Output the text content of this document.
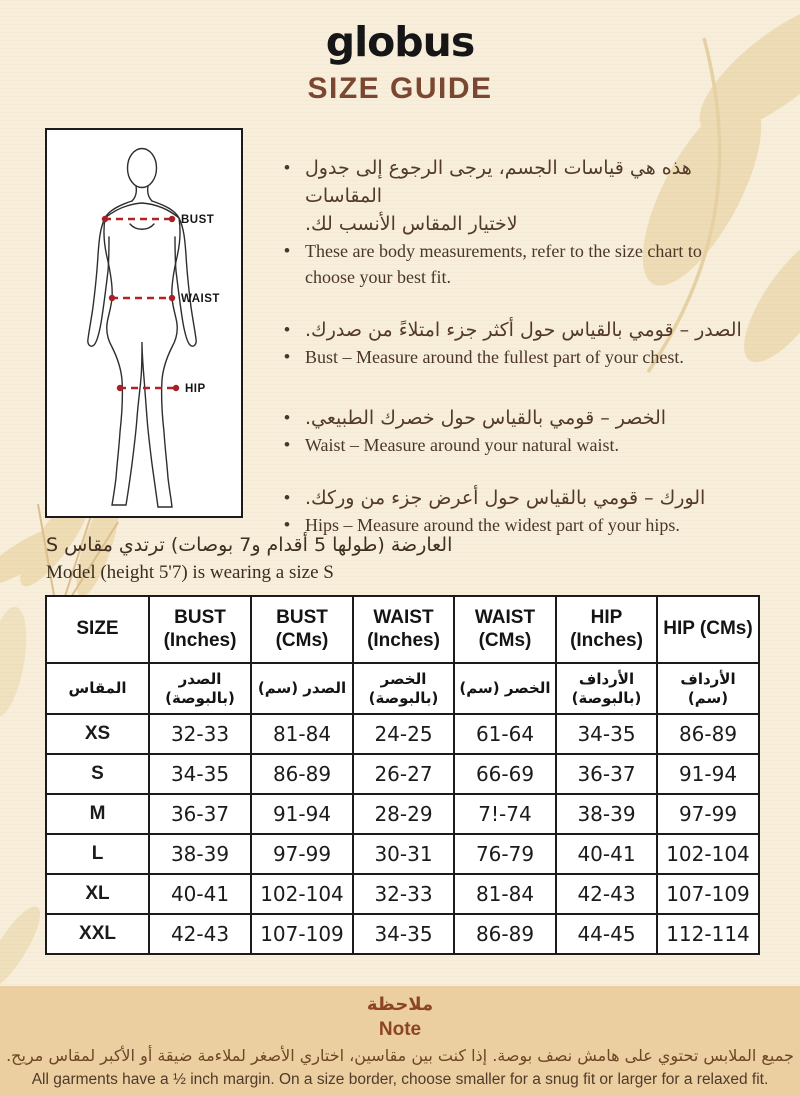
globus
SIZE GUIDE
BUST
WAIST
HIP
• هذه هي قياسات الجسم، يرجى الرجوع إلى جدول المقاسات
لاختيار المقاس الأنسب لك.
• These are body measurements, refer to the size chart to
choose your best fit.
• الصدر – قومي بالقياس حول أكثر جزء امتلاءً من صدرك.
• Bust – Measure around the fullest part of your chest.
• الخصر – قومي بالقياس حول خصرك الطبيعي.
• Waist – Measure around your natural waist.
• الورك – قومي بالقياس حول أعرض جزء من وركك.
• Hips – Measure around the widest part of your hips.
العارضة (طولها 5 أقدام و7 بوصات) ترتدي مقاس S
Model (height 5'7) is wearing a size S
SIZE	BUST (Inches)	BUST (CMs)	WAIST (Inches)	WAIST (CMs)	HIP (Inches)	HIP (CMs)
المقاس	الصدر (بالبوصة)	الصدر (سم)	الخصر (بالبوصة)	الخصر (سم)	الأرداف (بالبوصة)	الأرداف (سم)
XS	32-33	81-84	24-25	61-64	34-35	86-89
S	34-35	86-89	26-27	66-69	36-37	91-94
M	36-37	91-94	28-29	7!-74	38-39	97-99
L	38-39	97-99	30-31	76-79	40-41	102-104
XL	40-41	102-104	32-33	81-84	42-43	107-109
XXL	42-43	107-109	34-35	86-89	44-45	112-114
ملاحظة
Note
جميع الملابس تحتوي على هامش نصف بوصة. إذا كنت بين مقاسين، اختاري الأصغر لملاءمة ضيقة أو الأكبر لمقاس مريح.
All garments have a ½ inch margin. On a size border, choose smaller for a snug fit or larger for a relaxed fit.
